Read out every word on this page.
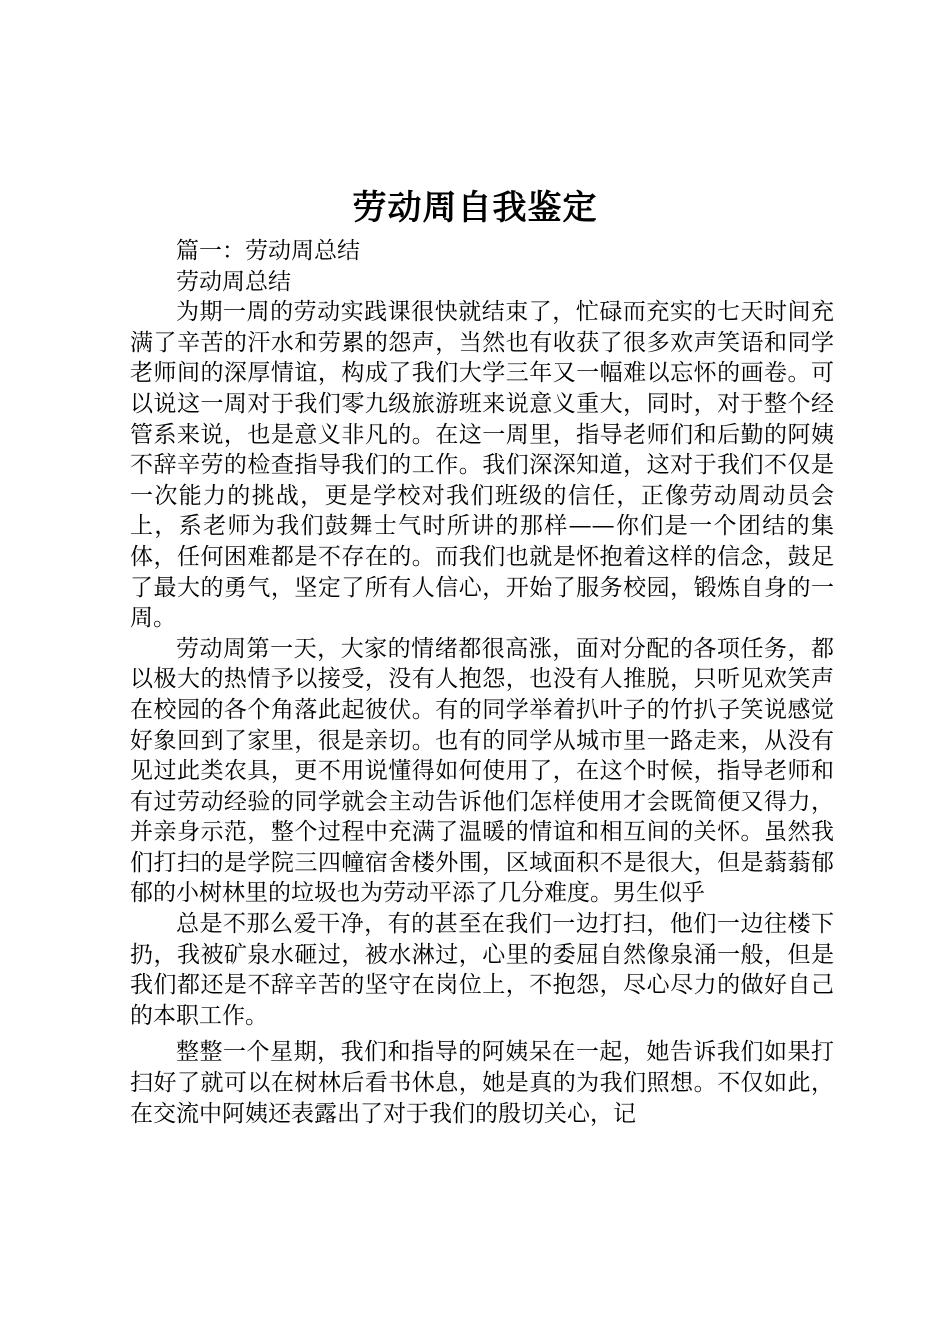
劳动周自我鉴定

篇一：劳动周总结

劳动周总结

为期一周的劳动实践课很快就结束了，忙碌而充实的七天时间充满了辛苦的汗水和劳累的怨声，当然也有收获了很多欢声笑语和同学老师间的深厚情谊，构成了我们大学三年又一幅难以忘怀的画卷。可以说这一周对于我们零九级旅游班来说意义重大，同时，对于整个经管系来说，也是意义非凡的。在这一周里，指导老师们和后勤的阿姨不辞辛劳的检查指导我们的工作。我们深深知道，这对于我们不仅是一次能力的挑战，更是学校对我们班级的信任，正像劳动周动员会上，系老师为我们鼓舞士气时所讲的那样——你们是一个团结的集体，任何困难都是不存在的。而我们也就是怀抱着这样的信念，鼓足了最大的勇气，坚定了所有人信心，开始了服务校园，锻炼自身的一周。

劳动周第一天，大家的情绪都很高涨，面对分配的各项任务，都以极大的热情予以接受，没有人抱怨，也没有人推脱，只听见欢笑声在校园的各个角落此起彼伏。有的同学举着扒叶子的竹扒子笑说感觉好象回到了家里，很是亲切。也有的同学从城市里一路走来，从没有见过此类农具，更不用说懂得如何使用了，在这个时候，指导老师和有过劳动经验的同学就会主动告诉他们怎样使用才会既简便又得力，并亲身示范，整个过程中充满了温暖的情谊和相互间的关怀。虽然我们打扫的是学院三四幢宿舍楼外围，区域面积不是很大，但是蓊蓊郁郁的小树林里的垃圾也为劳动平添了几分难度。男生似乎

总是不那么爱干净，有的甚至在我们一边打扫，他们一边往楼下扔，我被矿泉水砸过，被水淋过，心里的委屈自然像泉涌一般，但是我们都还是不辞辛苦的坚守在岗位上，不抱怨，尽心尽力的做好自己的本职工作。

整整一个星期，我们和指导的阿姨呆在一起，她告诉我们如果打扫好了就可以在树林后看书休息，她是真的为我们照想。不仅如此，在交流中阿姨还表露出了对于我们的殷切关心，记
